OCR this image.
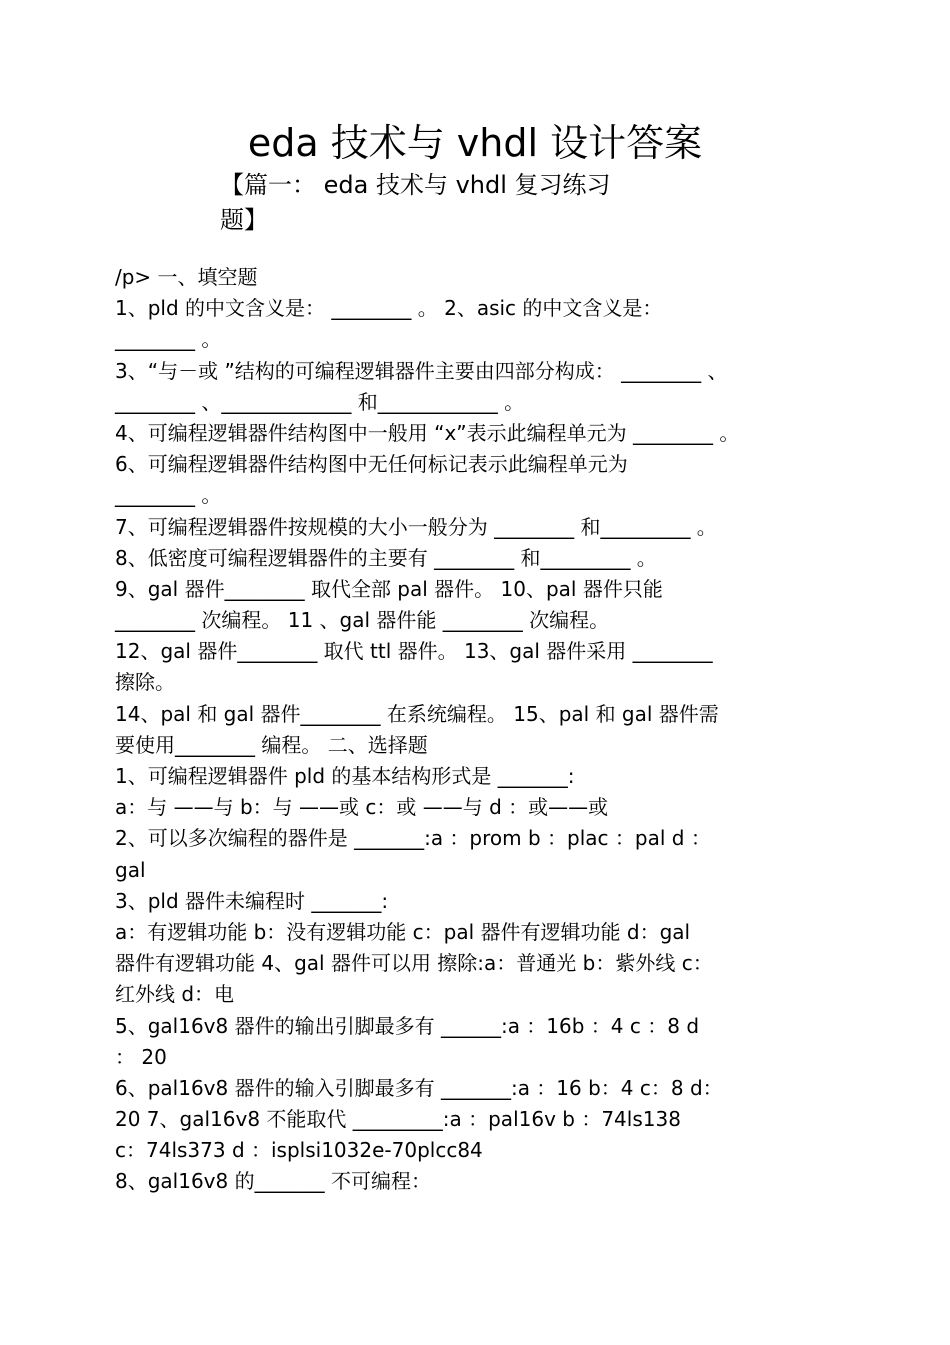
eda 技术与 vhdl 设计答案
【篇一： eda 技术与 vhdl 复习练习
题】
/p> 一、填空题
1、pld 的中文含义是： ________ 。 2、asic 的中文含义是：
________ 。
3、“与－或 ”结构的可编程逻辑器件主要由四部分构成： ________ 、
________ 、_____________ 和____________ 。
4、可编程逻辑器件结构图中一般用 “x”表示此编程单元为 ________ 。
6、可编程逻辑器件结构图中无任何标记表示此编程单元为
________ 。
7、可编程逻辑器件按规模的大小一般分为 ________ 和_________ 。
8、低密度可编程逻辑器件的主要有 ________ 和_________ 。
9、gal 器件________ 取代全部 pal 器件。 10、pal 器件只能
________ 次编程。 11 、gal 器件能 ________ 次编程。
12、gal 器件________ 取代 ttl 器件。 13、gal 器件采用 ________
擦除。
14、pal 和 gal 器件________ 在系统编程。 15、pal 和 gal 器件需
要使用________ 编程。 二、选择题
1、可编程逻辑器件 pld 的基本结构形式是 _______:
a：与 ——与 b：与 ——或 c：或 ——与 d ：或——或
2、可以多次编程的器件是 _______:a ：prom b ：plac ：pal d ：
gal
3、pld 器件未编程时 _______:
a：有逻辑功能 b：没有逻辑功能 c：pal 器件有逻辑功能 d：gal
器件有逻辑功能 4、gal 器件可以用 擦除:a：普通光 b：紫外线 c：
红外线 d：电
5、gal16v8 器件的输出引脚最多有 ______:a ：16b ：4 c ：8 d
： 20
6、pal16v8 器件的输入引脚最多有 _______:a ：16 b：4 c：8 d：
20 7、gal16v8 不能取代 _________:a ：pal16v b ：74ls138
c：74ls373 d ：isplsi1032e-70plcc84
8、gal16v8 的_______ 不可编程：
